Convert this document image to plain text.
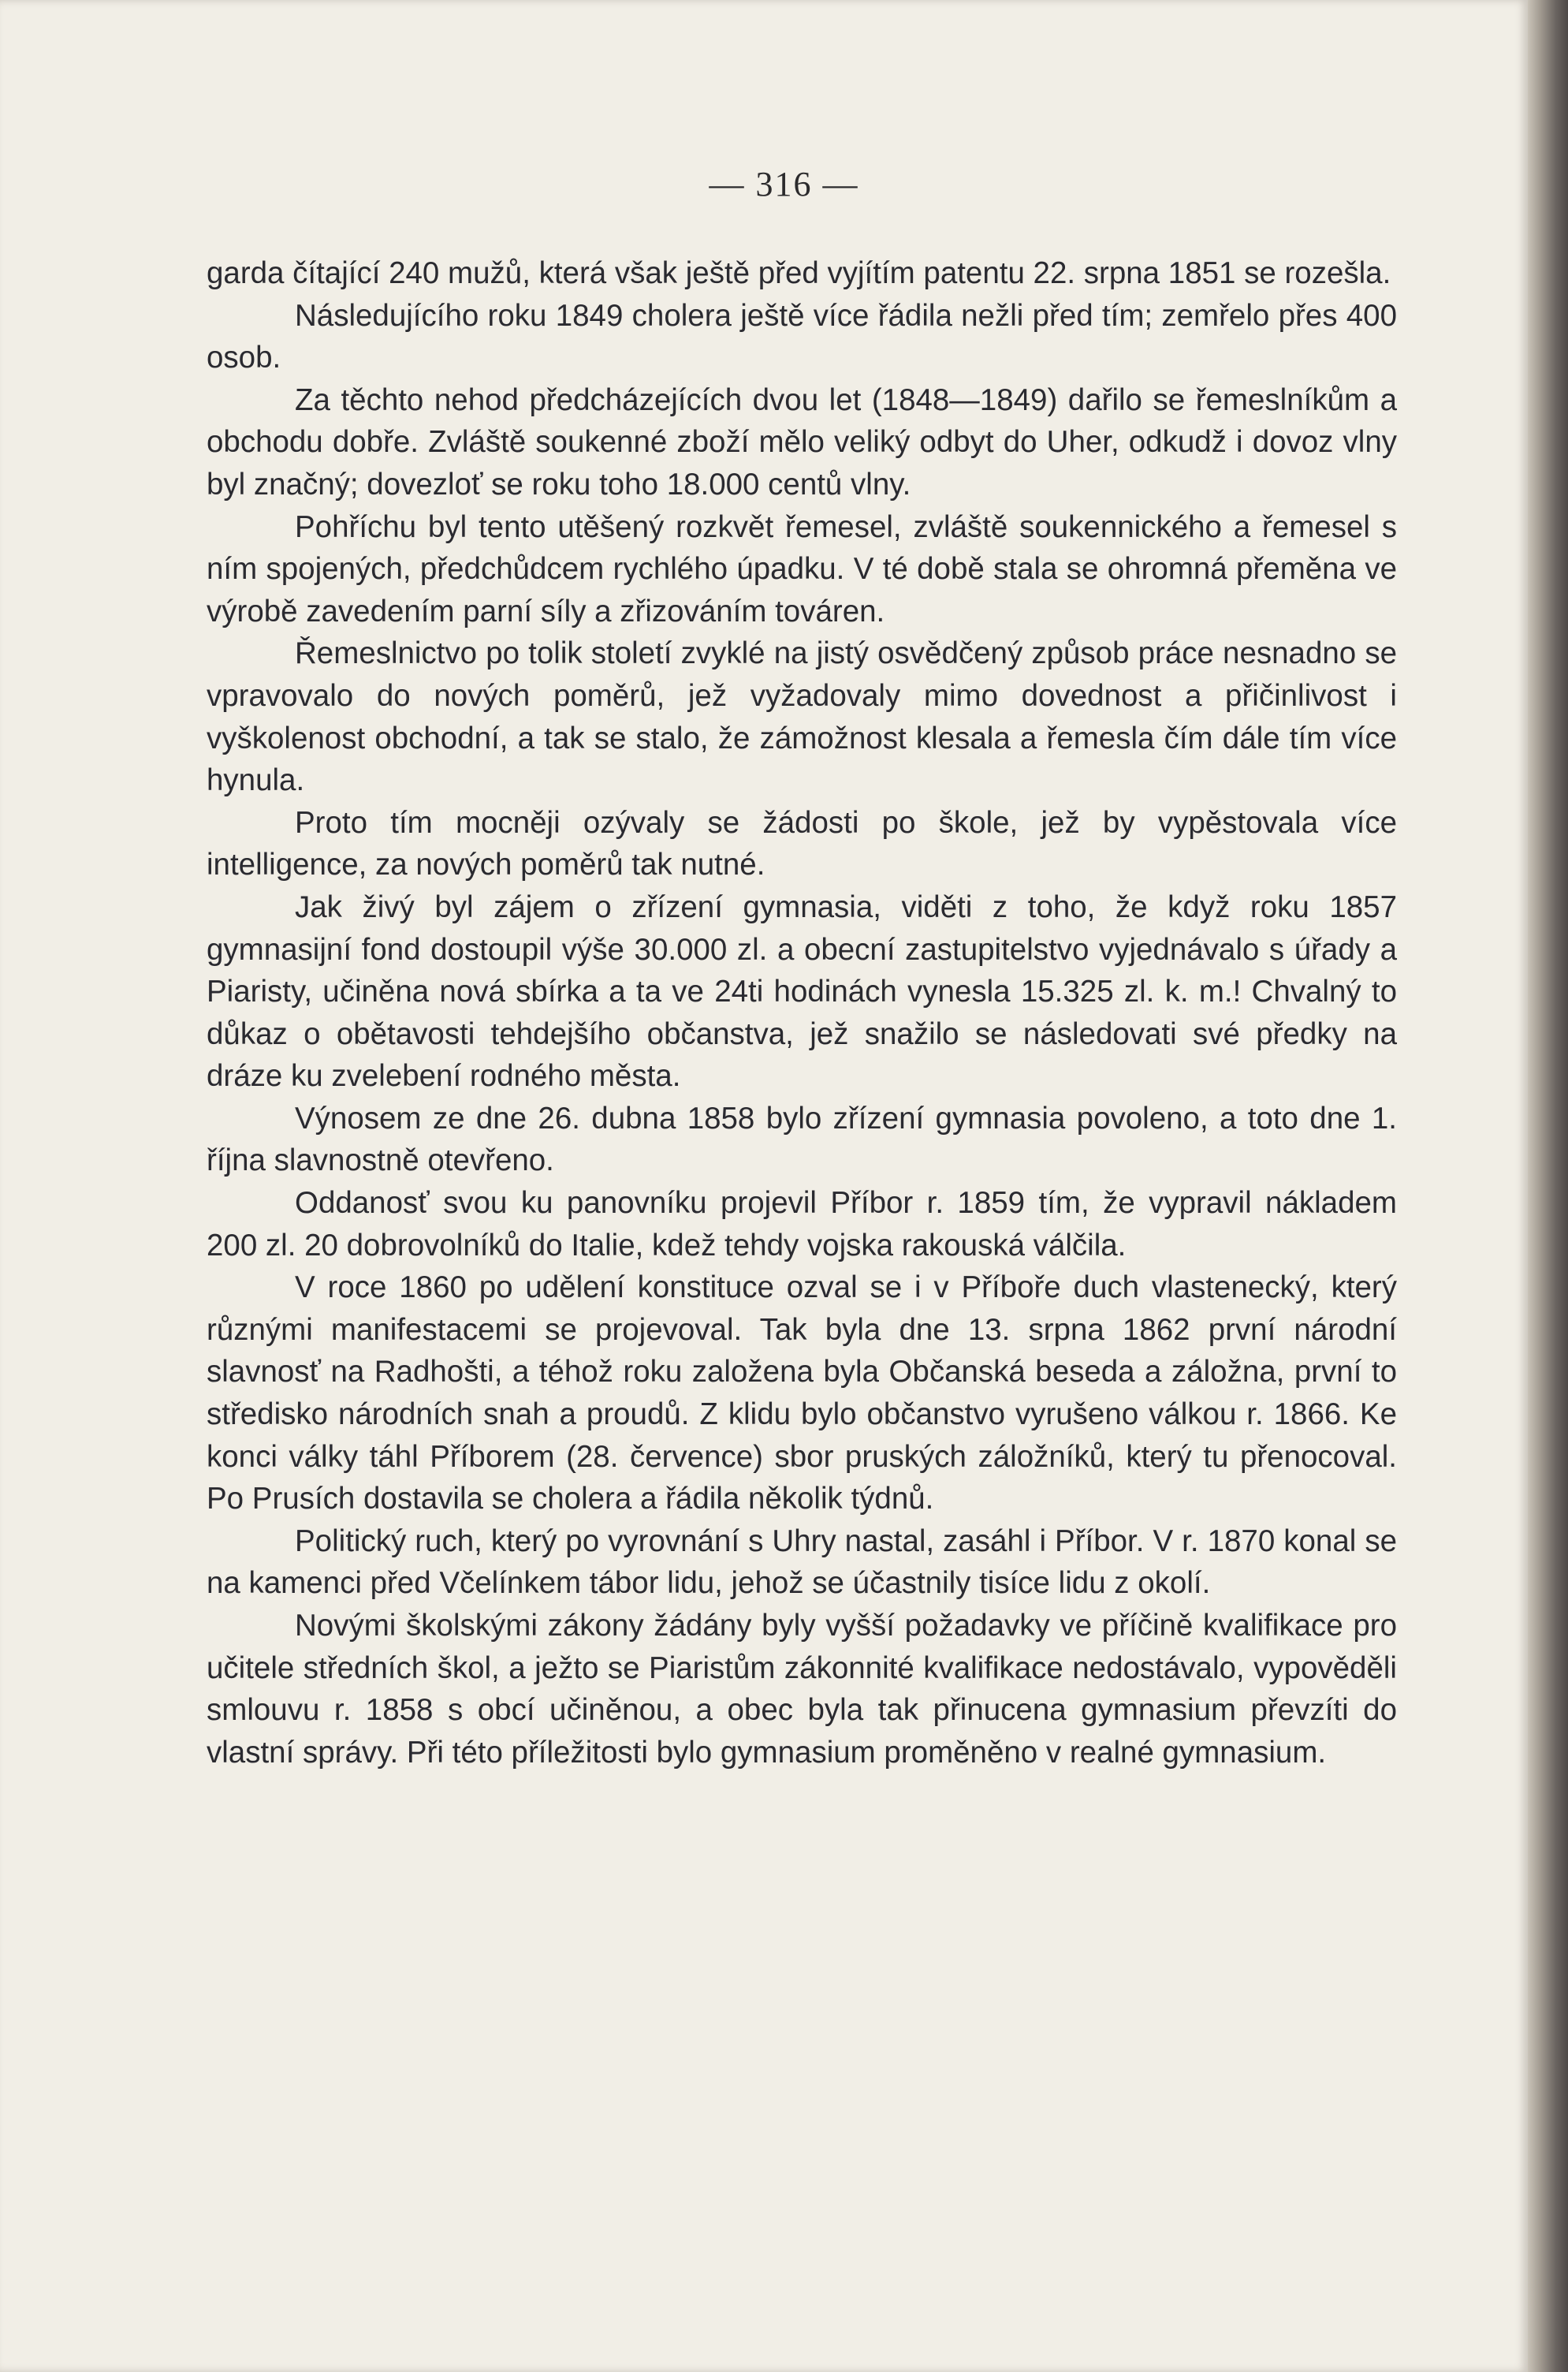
— 316 —

garda čítající 240 mužů, která však ještě před vyjítím patentu 22. srpna 1851 se rozešla.

Následujícího roku 1849 cholera ještě více řádila nežli před tím; zemřelo přes 400 osob.

Za těchto nehod předcházejících dvou let (1848—1849) dařilo se řemeslníkům a obchodu dobře. Zvláště soukenné zboží mělo veliký odbyt do Uher, odkudž i dovoz vlny byl značný; dovezloť se roku toho 18.000 centů vlny.

Pohříchu byl tento utěšený rozkvět řemesel, zvláště soukennického a řemesel s ním spojených, předchůdcem rychlého úpadku. V té době stala se ohromná přeměna ve výrobě zavedením parní síly a zřizováním továren.

Řemeslnictvo po tolik století zvyklé na jistý osvědčený způsob práce nesnadno se vpravovalo do nových poměrů, jež vyžadovaly mimo dovednost a přičinlivost i vyškolenost obchodní, a tak se stalo, že zámožnost klesala a řemesla čím dále tím více hynula.

Proto tím mocněji ozývaly se žádosti po škole, jež by vypěstovala více intelligence, za nových poměrů tak nutné.

Jak živý byl zájem o zřízení gymnasia, viděti z toho, že když roku 1857 gymnasijní fond dostoupil výše 30.000 zl. a obecní zastupitelstvo vyjednávalo s úřady a Piaristy, učiněna nová sbírka a ta ve 24ti hodinách vynesla 15.325 zl. k. m.! Chvalný to důkaz o obětavosti tehdejšího občanstva, jež snažilo se následovati své předky na dráze ku zvelebení rodného města.

Výnosem ze dne 26. dubna 1858 bylo zřízení gymnasia povoleno, a toto dne 1. října slavnostně otevřeno.

Oddanosť svou ku panovníku projevil Příbor r. 1859 tím, že vypravil nákladem 200 zl. 20 dobrovolníků do Italie, kdež tehdy vojska rakouská válčila.

V roce 1860 po udělení konstituce ozval se i v Příboře duch vlastenecký, který různými manifestacemi se projevoval. Tak byla dne 13. srpna 1862 první národní slavnosť na Radhošti, a téhož roku založena byla Občanská beseda a záložna, první to středisko národních snah a proudů. Z klidu bylo občanstvo vyrušeno válkou r. 1866. Ke konci války táhl Příborem (28. července) sbor pruských záložníků, který tu přenocoval. Po Prusích dostavila se cholera a řádila několik týdnů.

Politický ruch, který po vyrovnání s Uhry nastal, zasáhl i Příbor. V r. 1870 konal se na kamenci před Včelínkem tábor lidu, jehož se účastnily tisíce lidu z okolí.

Novými školskými zákony žádány byly vyšší požadavky ve příčině kvalifikace pro učitele středních škol, a ježto se Piaristům zákonnité kvalifikace nedostávalo, vypověděli smlouvu r. 1858 s obcí učiněnou, a obec byla tak přinucena gymnasium převzíti do vlastní správy. Při této příležitosti bylo gymnasium proměněno v realné gymnasium.
